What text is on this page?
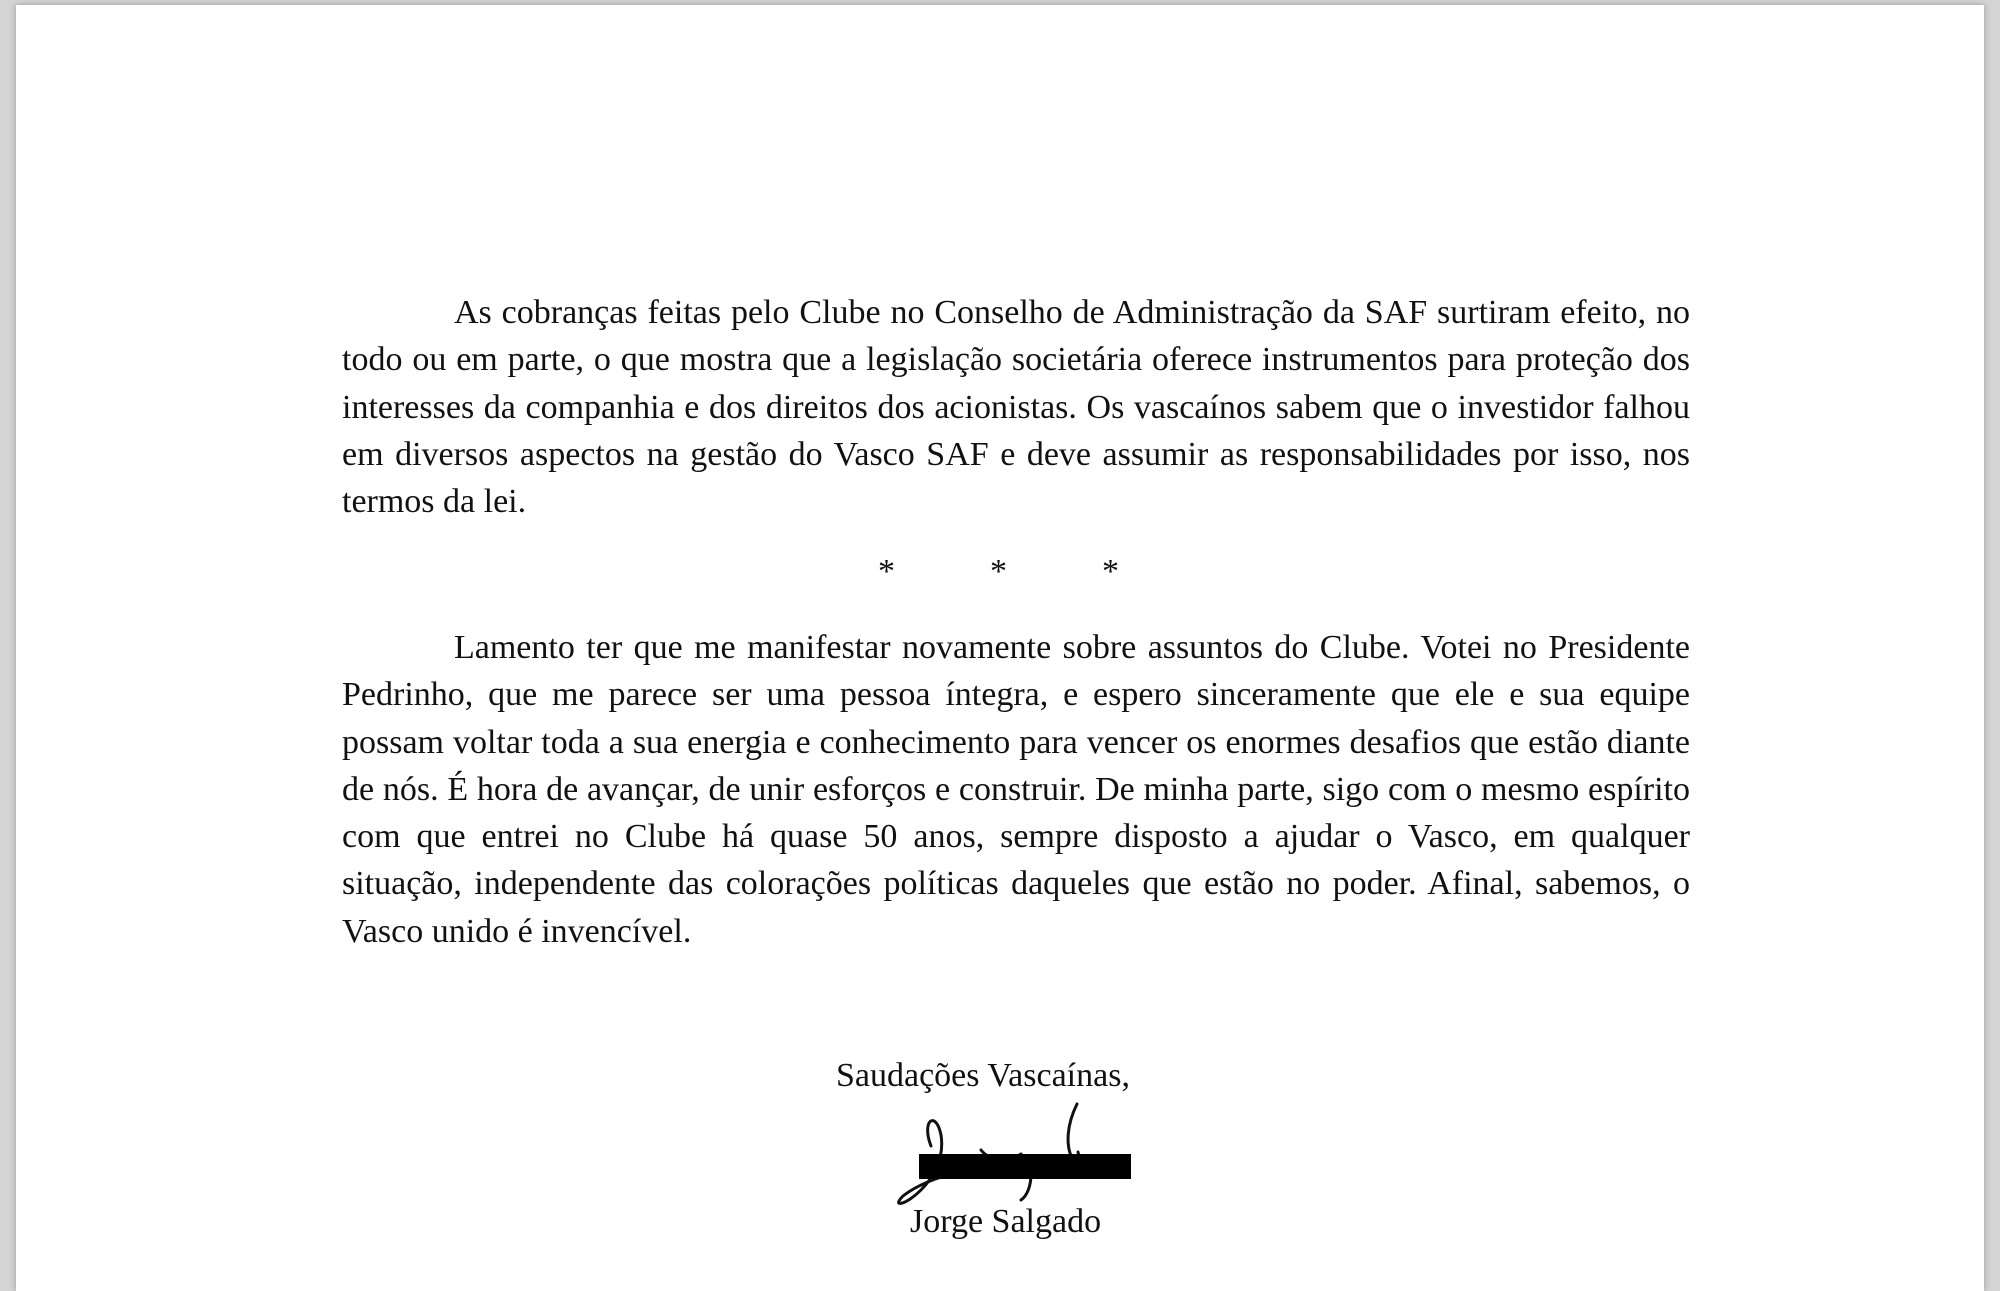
As cobranças feitas pelo Clube no Conselho de Administração da SAF surtiram efeito, no todo ou em parte, o que mostra que a legislação societária oferece instrumentos para proteção dos interesses da companhia e dos direitos dos acionistas. Os vascaínos sabem que o investidor falhou em diversos aspectos na gestão do Vasco SAF e deve assumir as responsabilidades por isso, nos termos da lei.

*	*	*

Lamento ter que me manifestar novamente sobre assuntos do Clube. Votei no Presidente Pedrinho, que me parece ser uma pessoa íntegra, e espero sinceramente que ele e sua equipe possam voltar toda a sua energia e conhecimento para vencer os enormes desafios que estão diante de nós. É hora de avançar, de unir esforços e construir. De minha parte, sigo com o mesmo espírito com que entrei no Clube há quase 50 anos, sempre disposto a ajudar o Vasco, em qualquer situação, independente das colorações políticas daqueles que estão no poder. Afinal, sabemos, o Vasco unido é invencível.

Saudações Vascaínas,
Jorge Salgado
